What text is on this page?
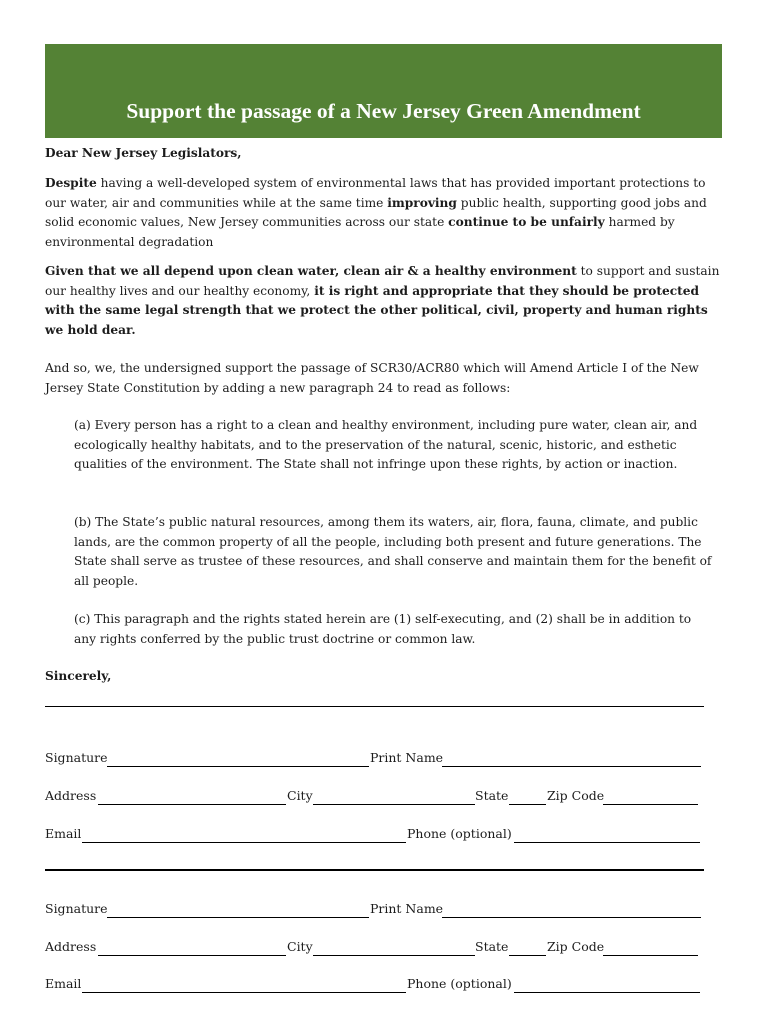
Support the passage of a New Jersey Green Amendment

Dear New Jersey Legislators,

Despite having a well-developed system of environmental laws that has provided important protections to our water, air and communities while at the same time improving public health, supporting good jobs and solid economic values, New Jersey communities across our state continue to be unfairly harmed by environmental degradation

Given that we all depend upon clean water, clean air & a healthy environment to support and sustain our healthy lives and our healthy economy, it is right and appropriate that they should be protected with the same legal strength that we protect the other political, civil, property and human rights we hold dear.

And so, we, the undersigned support the passage of SCR30/ACR80 which will Amend Article I of the New Jersey State Constitution by adding a new paragraph 24 to read as follows:

(a) Every person has a right to a clean and healthy environment, including pure water, clean air, and ecologically healthy habitats, and to the preservation of the natural, scenic, historic, and esthetic qualities of the environment. The State shall not infringe upon these rights, by action or inaction.

(b) The State’s public natural resources, among them its waters, air, flora, fauna, climate, and public lands, are the common property of all the people, including both present and future generations. The State shall serve as trustee of these resources, and shall conserve and maintain them for the benefit of all people.

(c) This paragraph and the rights stated herein are (1) self-executing, and (2) shall be in addition to any rights conferred by the public trust doctrine or common law.

Sincerely,

Signature	Print Name
Address	City	State	Zip Code
Email	Phone (optional)
Signature	Print Name
Address	City	State	Zip Code
Email	Phone (optional)
